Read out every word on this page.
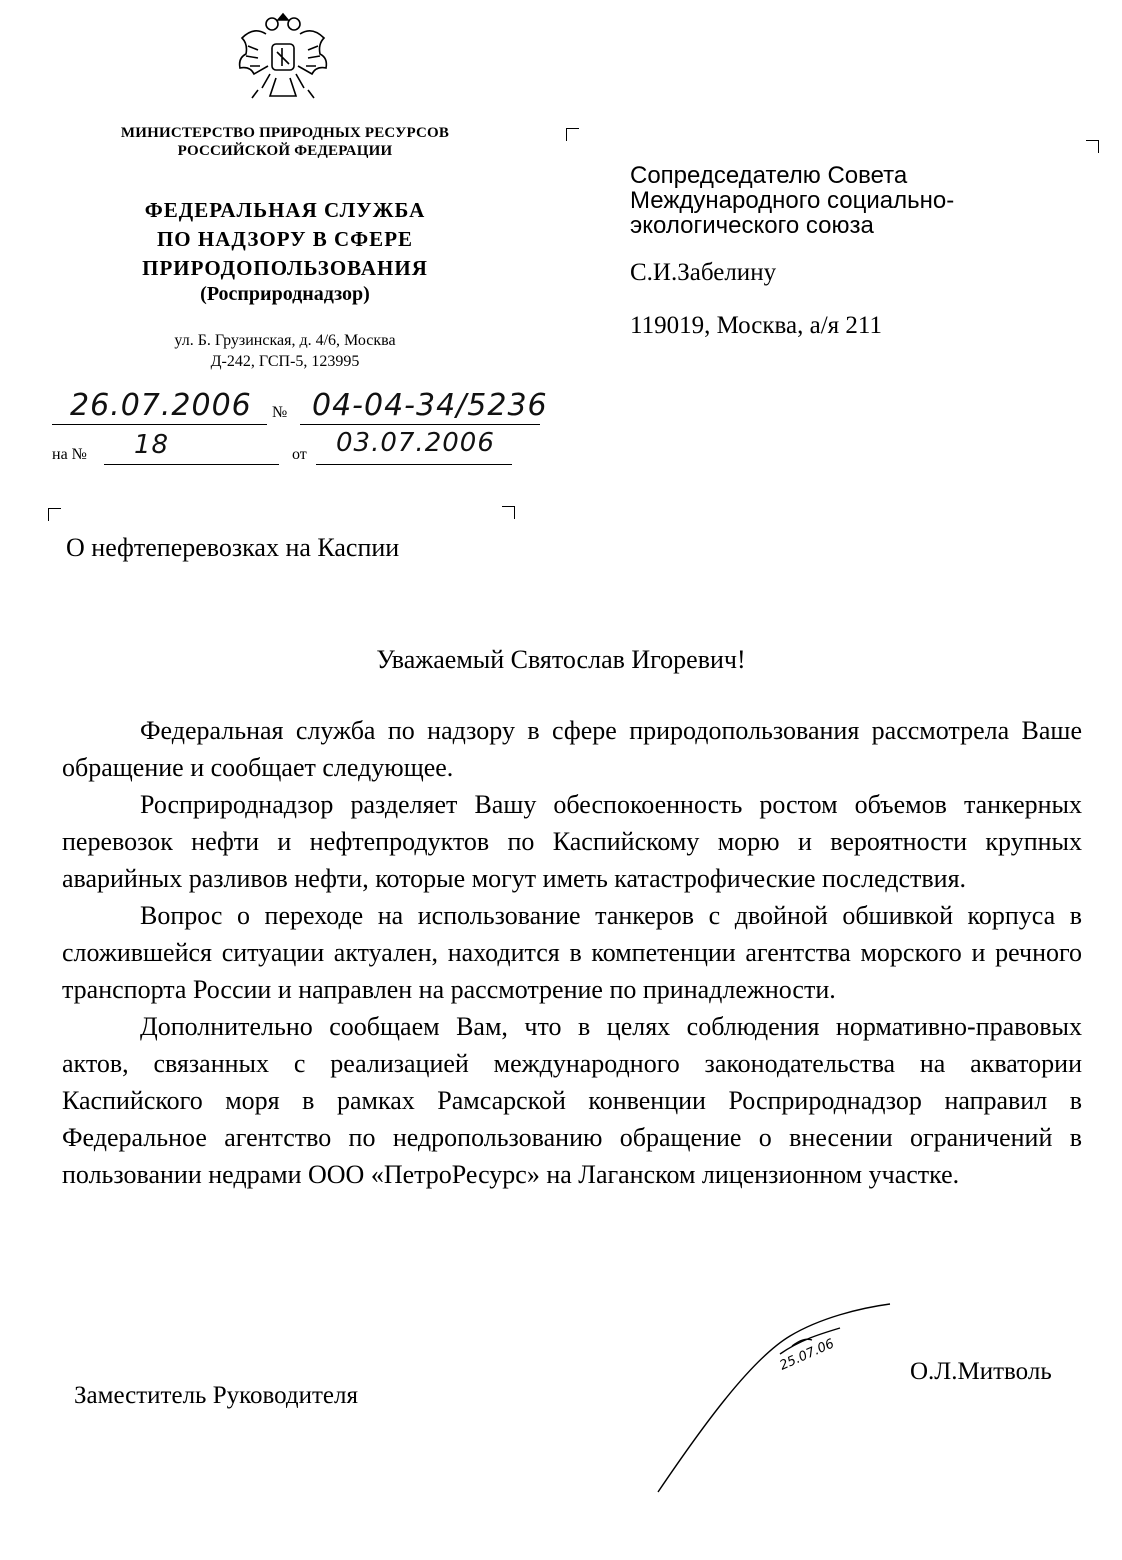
МИНИСТЕРСТВО ПРИРОДНЫХ РЕСУРСОВ
РОССИЙСКОЙ ФЕДЕРАЦИИ
ФЕДЕРАЛЬНАЯ СЛУЖБА
ПО НАДЗОРУ В СФЕРЕ
ПРИРОДОПОЛЬЗОВАНИЯ
(Росприроднадзор)
ул. Б. Грузинская, д. 4/6, Москва
Д-242, ГСП-5, 123995
26.07.2006 № 04-04-34/5236
на № 18	от 03.07.2006
Сопредседателю Совета
Международного социально-
экологического союза
С.И.Забелину
119019, Москва, а/я 211
О нефтеперевозках на Каспии
Уважаемый Святослав Игоревич!

Федеральная служба по надзору в сфере природопользования рассмотрела Ваше обращение и сообщает следующее.

Росприроднадзор разделяет Вашу обеспокоенность ростом объемов танкерных перевозок нефти и нефтепродуктов по Каспийскому морю и вероятности крупных аварийных разливов нефти, которые могут иметь катастрофические последствия.

Вопрос о переходе на использование танкеров с двойной обшивкой корпуса в сложившейся ситуации актуален, находится в компетенции агентства морского и речного транспорта России и направлен на рассмотрение по принадлежности.

Дополнительно сообщаем Вам, что в целях соблюдения нормативно-правовых актов, связанных с реализацией международного законодательства на акватории Каспийского моря в рамках Рамсарской конвенции Росприроднадзор направил в Федеральное агентство по недропользованию обращение о внесении ограничений в пользовании недрами ООО «ПетроРесурс» на Лаганском лицензионном участке.

Заместитель Руководителя
25.07.06	О.Л.Митволь
